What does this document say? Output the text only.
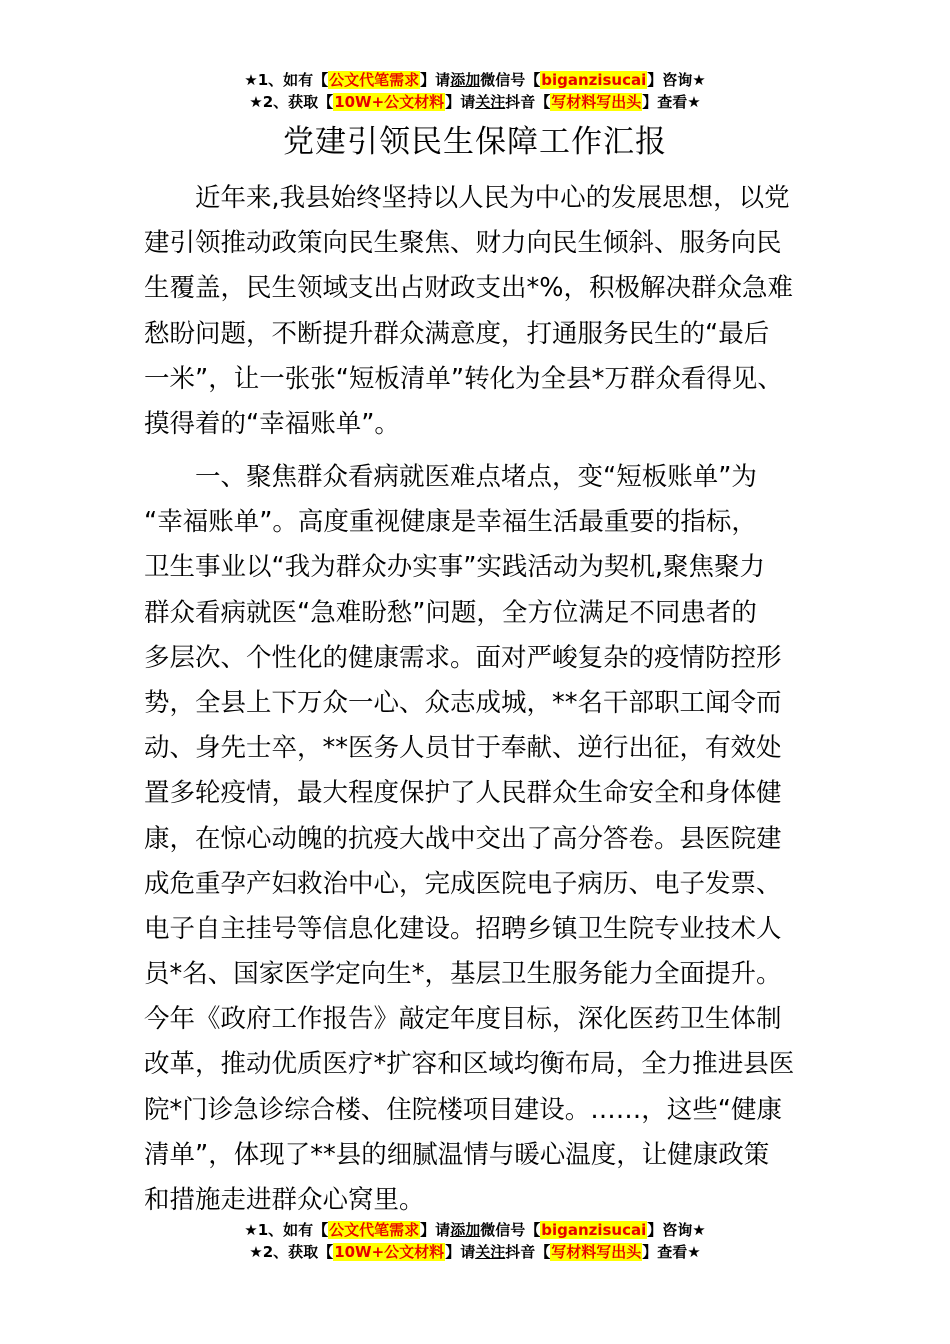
★1、如有【公文代笔需求】请添加微信号【biganzisucai】咨询★
★2、获取【10W+公文材料】请关注抖音【写材料写出头】查看★
党建引领民生保障工作汇报
　　近年来,我县始终坚持以人民为中心的发展思想，以党
建引领推动政策向民生聚焦、财力向民生倾斜、服务向民
生覆盖，民生领域支出占财政支出*%，积极解决群众急难
愁盼问题，不断提升群众满意度，打通服务民生的“最后
一米”，让一张张“短板清单”转化为全县*万群众看得见、
摸得着的“幸福账单”。
　　一、聚焦群众看病就医难点堵点，变“短板账单”为
“幸福账单”。高度重视健康是幸福生活最重要的指标，
卫生事业以“我为群众办实事”实践活动为契机,聚焦聚力
群众看病就医“急难盼愁”问题，全方位满足不同患者的
多层次、个性化的健康需求。面对严峻复杂的疫情防控形
势，全县上下万众一心、众志成城，**名干部职工闻令而
动、身先士卒，**医务人员甘于奉献、逆行出征，有效处
置多轮疫情，最大程度保护了人民群众生命安全和身体健
康，在惊心动魄的抗疫大战中交出了高分答卷。县医院建
成危重孕产妇救治中心，完成医院电子病历、电子发票、
电子自主挂号等信息化建设。招聘乡镇卫生院专业技术人
员*名、国家医学定向生*，基层卫生服务能力全面提升。
今年《政府工作报告》敲定年度目标，深化医药卫生体制
改革，推动优质医疗*扩容和区域均衡布局，全力推进县医
院*门诊急诊综合楼、住院楼项目建设。……，这些“健康
清单”，体现了**县的细腻温情与暖心温度，让健康政策
和措施走进群众心窝里。
★1、如有【公文代笔需求】请添加微信号【biganzisucai】咨询★
★2、获取【10W+公文材料】请关注抖音【写材料写出头】查看★
